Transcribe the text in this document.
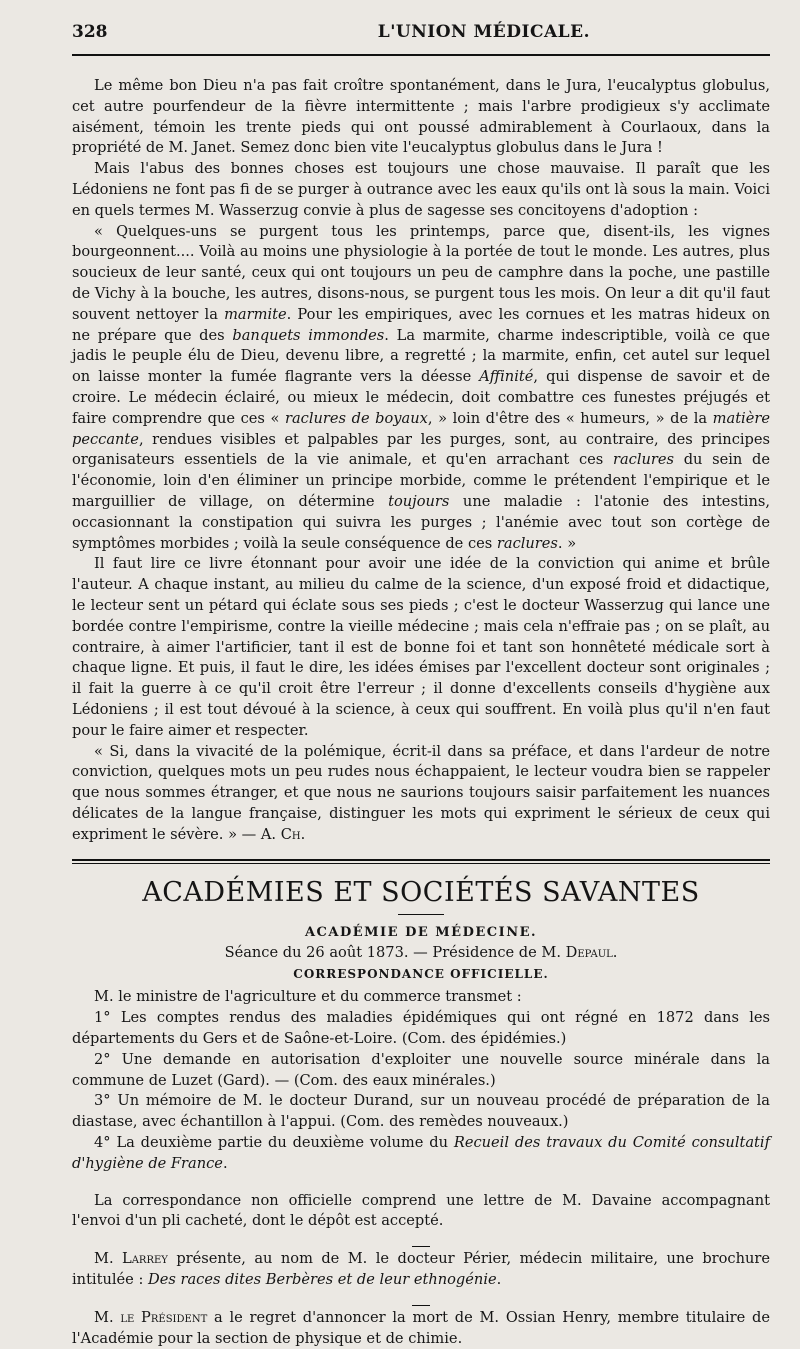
328	L'UNION MÉDICALE.

Le même bon Dieu n'a pas fait croître spontanément, dans le Jura, l'eucalyptus globulus, cet autre pourfendeur de la fièvre intermittente ; mais l'arbre prodigieux s'y acclimate aisément, témoin les trente pieds qui ont poussé admirablement à Courlaoux, dans la propriété de M. Janet. Semez donc bien vite l'eucalyptus globulus dans le Jura !

Mais l'abus des bonnes choses est toujours une chose mauvaise. Il paraît que les Lédoniens ne font pas fi de se purger à outrance avec les eaux qu'ils ont là sous la main. Voici en quels termes M. Wasserzug convie à plus de sagesse ses concitoyens d'adoption :

« Quelques-uns se purgent tous les printemps, parce que, disent-ils, les vignes bourgeonnent.... Voilà au moins une physiologie à la portée de tout le monde. Les autres, plus soucieux de leur santé, ceux qui ont toujours un peu de camphre dans la poche, une pastille de Vichy à la bouche, les autres, disons-nous, se purgent tous les mois. On leur a dit qu'il faut souvent nettoyer la marmite. Pour les empiriques, avec les cornues et les matras hideux on ne prépare que des banquets immondes. La marmite, charme indescriptible, voilà ce que jadis le peuple élu de Dieu, devenu libre, a regretté ; la marmite, enfin, cet autel sur lequel on laisse monter la fumée flagrante vers la déesse Affinité, qui dispense de savoir et de croire. Le médecin éclairé, ou mieux le médecin, doit combattre ces funestes préjugés et faire comprendre que ces « raclures de boyaux, » loin d'être des « humeurs, » de la matière peccante, rendues visibles et palpables par les purges, sont, au contraire, des principes organisateurs essentiels de la vie animale, et qu'en arrachant ces raclures du sein de l'économie, loin d'en éliminer un principe morbide, comme le prétendent l'empirique et le marguillier de village, on détermine toujours une maladie : l'atonie des intestins, occasionnant la constipation qui suivra les purges ; l'anémie avec tout son cortège de symptômes morbides ; voilà la seule conséquence de ces raclures. »

Il faut lire ce livre étonnant pour avoir une idée de la conviction qui anime et brûle l'auteur. A chaque instant, au milieu du calme de la science, d'un exposé froid et didactique, le lecteur sent un pétard qui éclate sous ses pieds ; c'est le docteur Wasserzug qui lance une bordée contre l'empirisme, contre la vieille médecine ; mais cela n'effraie pas ; on se plaît, au contraire, à aimer l'artificier, tant il est de bonne foi et tant son honnêteté médicale sort à chaque ligne. Et puis, il faut le dire, les idées émises par l'excellent docteur sont originales ; il fait la guerre à ce qu'il croit être l'erreur ; il donne d'excellents conseils d'hygiène aux Lédoniens ; il est tout dévoué à la science, à ceux qui souffrent. En voilà plus qu'il n'en faut pour le faire aimer et respecter.

« Si, dans la vivacité de la polémique, écrit-il dans sa préface, et dans l'ardeur de notre conviction, quelques mots un peu rudes nous échappaient, le lecteur voudra bien se rappeler que nous sommes étranger, et que nous ne saurions toujours saisir parfaitement les nuances délicates de la langue française, distinguer les mots qui expriment le sérieux de ceux qui expriment le sévère. » — A. Ch.

ACADÉMIES ET SOCIÉTÉS SAVANTES
ACADÉMIE DE MÉDECINE.
Séance du 26 août 1873. — Présidence de M. Depaul.
CORRESPONDANCE OFFICIELLE.

M. le ministre de l'agriculture et du commerce transmet :

1° Les comptes rendus des maladies épidémiques qui ont régné en 1872 dans les départements du Gers et de Saône-et-Loire. (Com. des épidémies.)

2° Une demande en autorisation d'exploiter une nouvelle source minérale dans la commune de Luzet (Gard). — (Com. des eaux minérales.)

3° Un mémoire de M. le docteur Durand, sur un nouveau procédé de préparation de la diastase, avec échantillon à l'appui. (Com. des remèdes nouveaux.)

4° La deuxième partie du deuxième volume du Recueil des travaux du Comité consultatif d'hygiène de France.

La correspondance non officielle comprend une lettre de M. Davaine accompagnant l'envoi d'un pli cacheté, dont le dépôt est accepté.

M. Larrey présente, au nom de M. le docteur Périer, médecin militaire, une brochure intitulée : Des races dites Berbères et de leur ethnogénie.

M. le Président a le regret d'annoncer la mort de M. Ossian Henry, membre titulaire de l'Académie pour la section de physique et de chimie.
